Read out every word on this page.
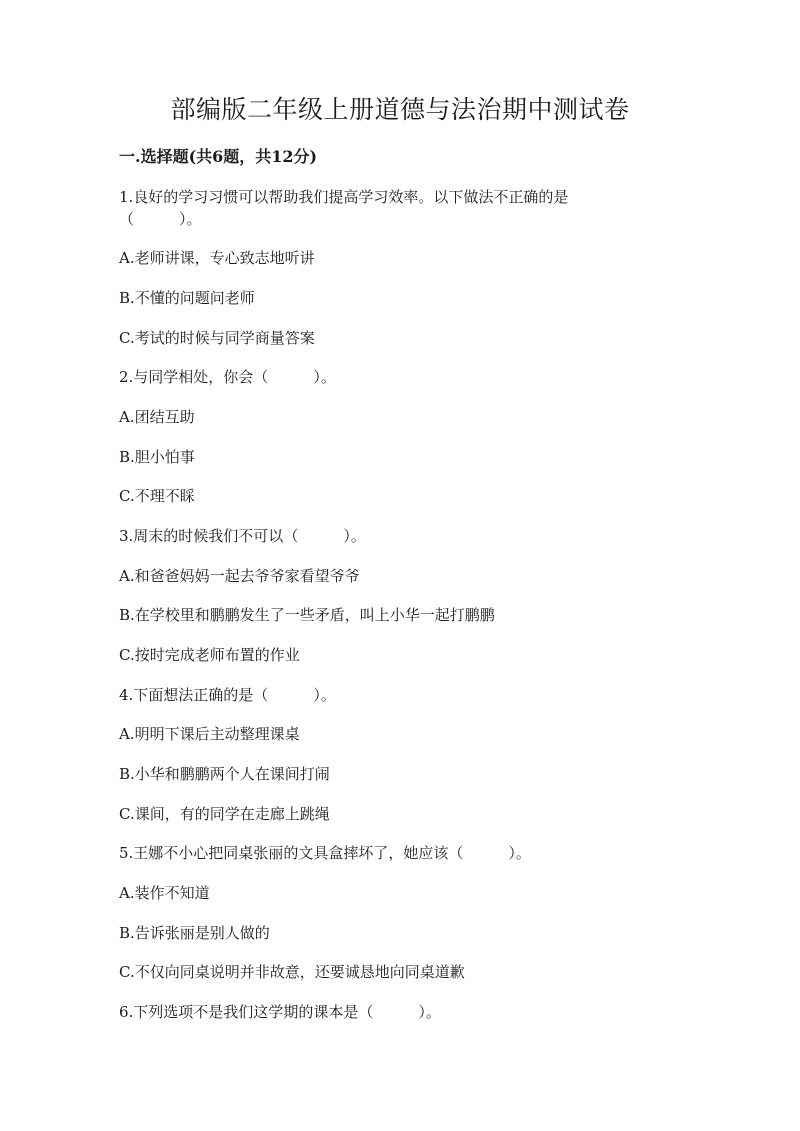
部编版二年级上册道德与法治期中测试卷
一.选择题(共6题，共12分)

1.良好的学习习惯可以帮助我们提高学习效率。以下做法不正确的是

（　　　）。

A.老师讲课，专心致志地听讲

B.不懂的问题问老师

C.考试的时候与同学商量答案

2.与同学相处，你会（　　　）。

A.团结互助

B.胆小怕事

C.不理不睬

3.周末的时候我们不可以（　　　）。

A.和爸爸妈妈一起去爷爷家看望爷爷

B.在学校里和鹏鹏发生了一些矛盾，叫上小华一起打鹏鹏

C.按时完成老师布置的作业

4.下面想法正确的是（　　　）。

A.明明下课后主动整理课桌

B.小华和鹏鹏两个人在课间打闹

C.课间，有的同学在走廊上跳绳

5.王娜不小心把同桌张丽的文具盒摔坏了，她应该（　　　）。

A.装作不知道

B.告诉张丽是别人做的

C.不仅向同桌说明并非故意，还要诚恳地向同桌道歉

6.下列选项不是我们这学期的课本是（　　　）。
